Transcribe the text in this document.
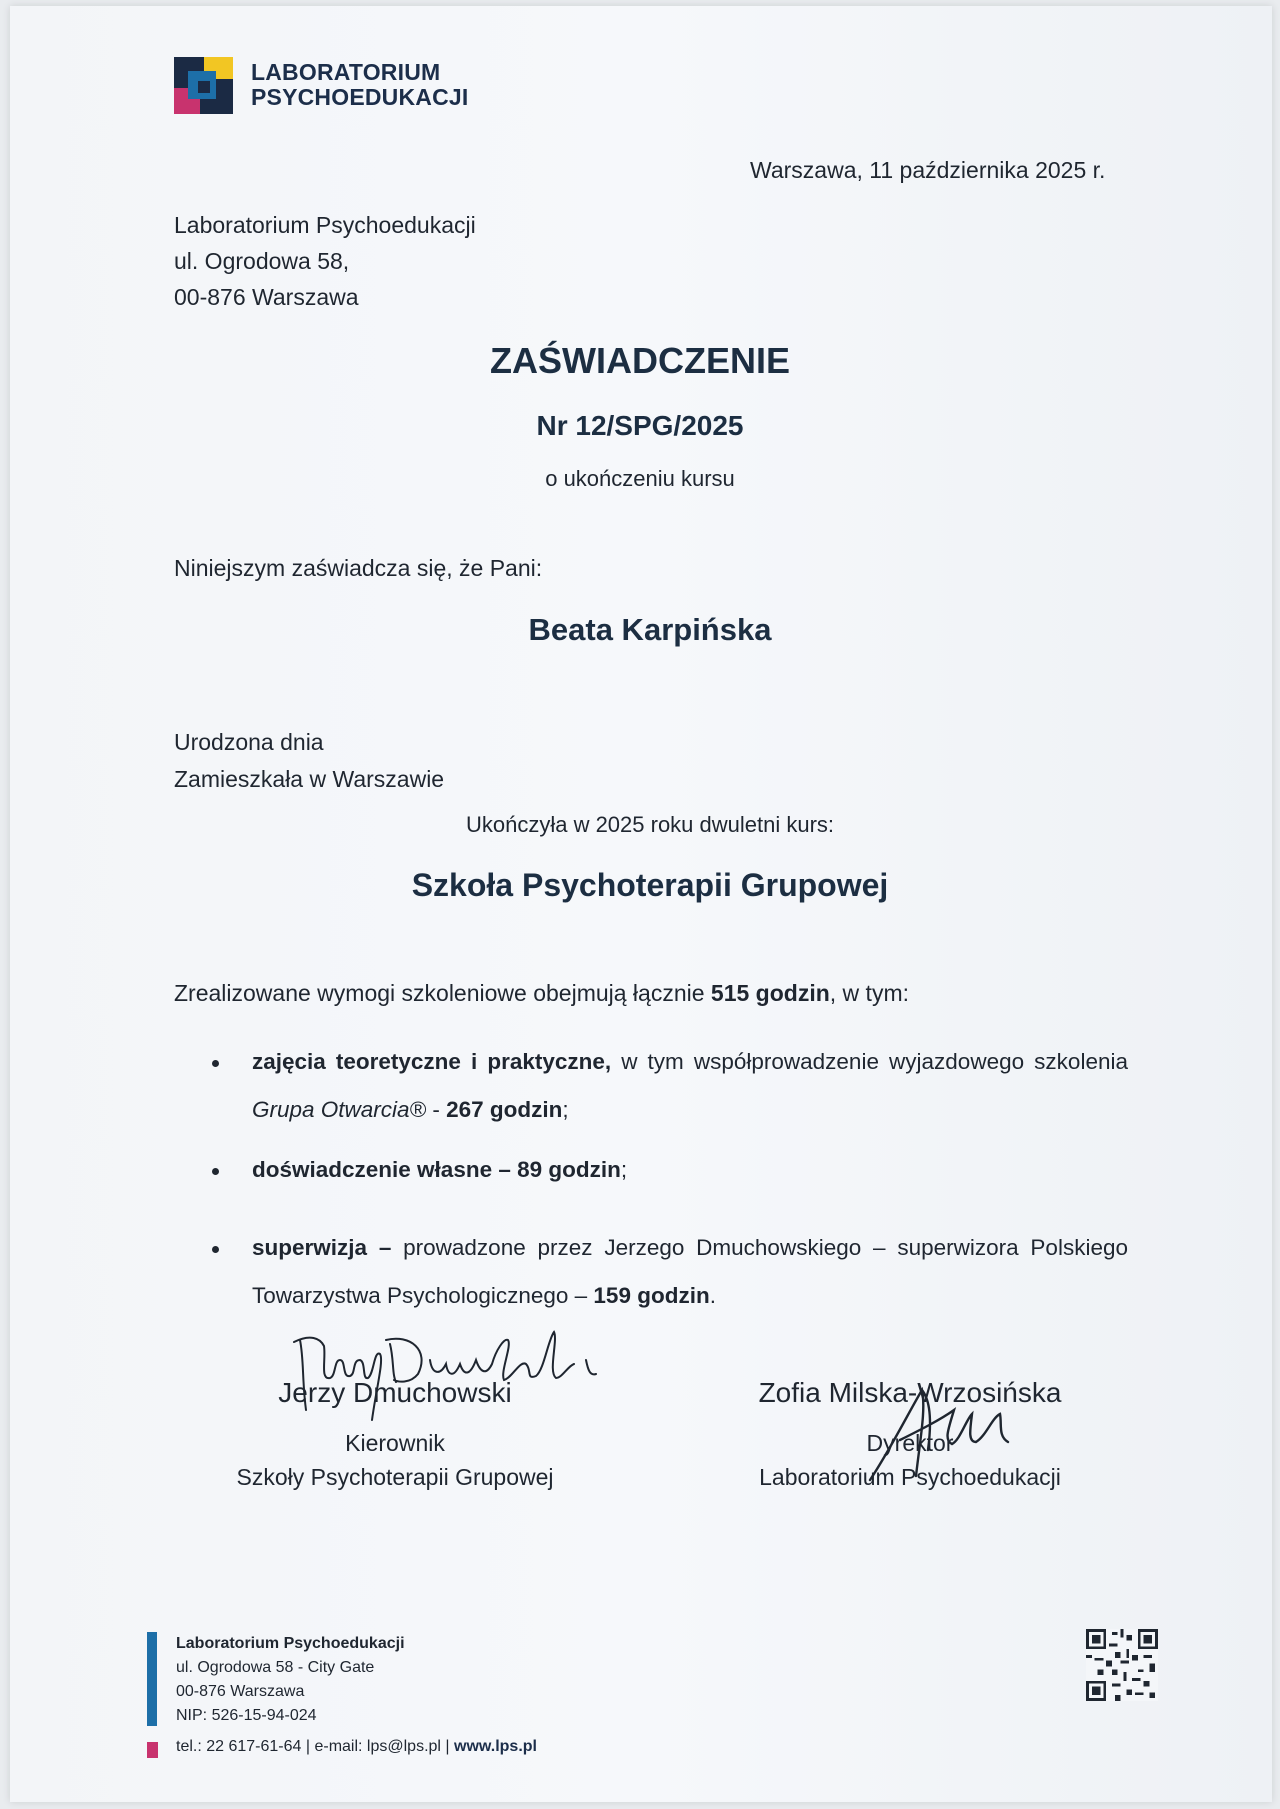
LABORATORIUM
PSYCHOEDUKACJI
Warszawa, 11 października 2025 r.
Laboratorium Psychoedukacji
ul. Ogrodowa 58,
00-876 Warszawa
ZAŚWIADCZENIE
Nr 12/SPG/2025
o ukończeniu kursu
Niniejszym zaświadcza się, że Pani:
Beata Karpińska
Urodzona dnia
Zamieszkała w Warszawie
Ukończyła w 2025 roku dwuletni kurs:
Szkoła Psychoterapii Grupowej
Zrealizowane wymogi szkoleniowe obejmują łącznie 515 godzin, w tym:
zajęcia teoretyczne i praktyczne, w tym współprowadzenie wyjazdowego szkolenia Grupa Otwarcia® - 267 godzin;
doświadczenie własne – 89 godzin;
superwizja – prowadzone przez Jerzego Dmuchowskiego – superwizora Polskiego Towarzystwa Psychologicznego – 159 godzin.
Jerzy Dmuchowski
Kierownik
Szkoły Psychoterapii Grupowej
Zofia Milska-Wrzosińska
Dyrektor
Laboratorium Psychoedukacji
Laboratorium Psychoedukacji
ul. Ogrodowa 58 - City Gate
00-876 Warszawa
NIP: 526-15-94-024
tel.: 22 617-61-64 | e-mail: lps@lps.pl | www.lps.pl
